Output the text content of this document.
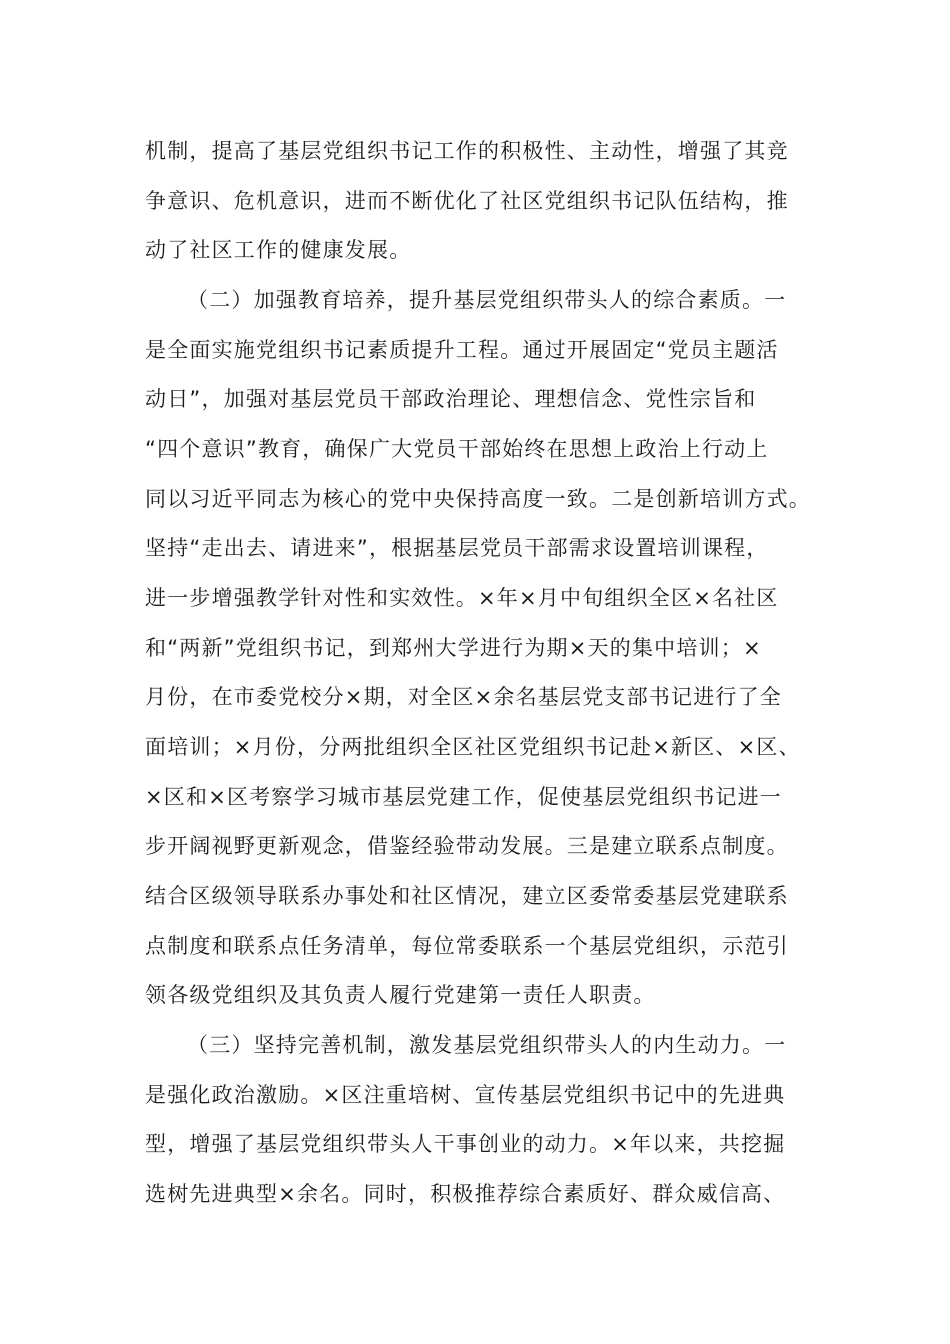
机制，提高了基层党组织书记工作的积极性、主动性，增强了其竞
争意识、危机意识，进而不断优化了社区党组织书记队伍结构，推
动了社区工作的健康发展。
（二）加强教育培养，提升基层党组织带头人的综合素质。一
是全面实施党组织书记素质提升工程。通过开展固定“党员主题活
动日”，加强对基层党员干部政治理论、理想信念、党性宗旨和
“四个意识”教育，确保广大党员干部始终在思想上政治上行动上
同以习近平同志为核心的党中央保持高度一致。二是创新培训方式。
坚持“走出去、请进来”，根据基层党员干部需求设置培训课程，
进一步增强教学针对性和实效性。×年×月中旬组织全区×名社区
和“两新”党组织书记，到郑州大学进行为期×天的集中培训；×
月份，在市委党校分×期，对全区×余名基层党支部书记进行了全
面培训；×月份，分两批组织全区社区党组织书记赴×新区、×区、
×区和×区考察学习城市基层党建工作，促使基层党组织书记进一
步开阔视野更新观念，借鉴经验带动发展。三是建立联系点制度。
结合区级领导联系办事处和社区情况，建立区委常委基层党建联系
点制度和联系点任务清单，每位常委联系一个基层党组织，示范引
领各级党组织及其负责人履行党建第一责任人职责。
（三）坚持完善机制，激发基层党组织带头人的内生动力。一
是强化政治激励。×区注重培树、宣传基层党组织书记中的先进典
型，增强了基层党组织带头人干事创业的动力。×年以来，共挖掘
选树先进典型×余名。同时，积极推荐综合素质好、群众威信高、
